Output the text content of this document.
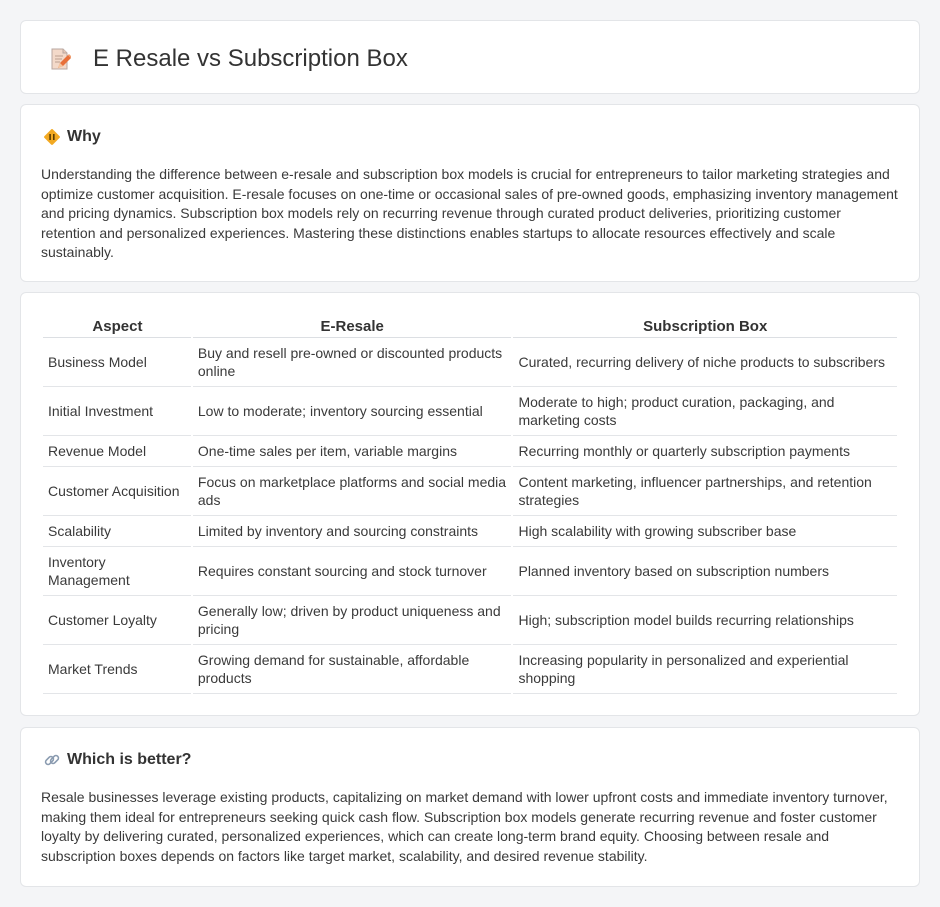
E Resale vs Subscription Box
Why

Understanding the difference between e-resale and subscription box models is crucial for entrepreneurs to tailor marketing strategies and optimize customer acquisition. E-resale focuses on one-time or occasional sales of pre-owned goods, emphasizing inventory management and pricing dynamics. Subscription box models rely on recurring revenue through curated product deliveries, prioritizing customer retention and personalized experiences. Mastering these distinctions enables startups to allocate resources effectively and scale sustainably.

Aspect	E-Resale	Subscription Box
Business Model	Buy and resell pre-owned or discounted products online	Curated, recurring delivery of niche products to subscribers
Initial Investment	Low to moderate; inventory sourcing essential	Moderate to high; product curation, packaging, and marketing costs
Revenue Model	One-time sales per item, variable margins	Recurring monthly or quarterly subscription payments
Customer Acquisition	Focus on marketplace platforms and social media ads	Content marketing, influencer partnerships, and retention strategies
Scalability	Limited by inventory and sourcing constraints	High scalability with growing subscriber base
Inventory Management	Requires constant sourcing and stock turnover	Planned inventory based on subscription numbers
Customer Loyalty	Generally low; driven by product uniqueness and pricing	High; subscription model builds recurring relationships
Market Trends	Growing demand for sustainable, affordable products	Increasing popularity in personalized and experiential shopping
Which is better?

Resale businesses leverage existing products, capitalizing on market demand with lower upfront costs and immediate inventory turnover, making them ideal for entrepreneurs seeking quick cash flow. Subscription box models generate recurring revenue and foster customer loyalty by delivering curated, personalized experiences, which can create long-term brand equity. Choosing between resale and subscription boxes depends on factors like target market, scalability, and desired revenue stability.
